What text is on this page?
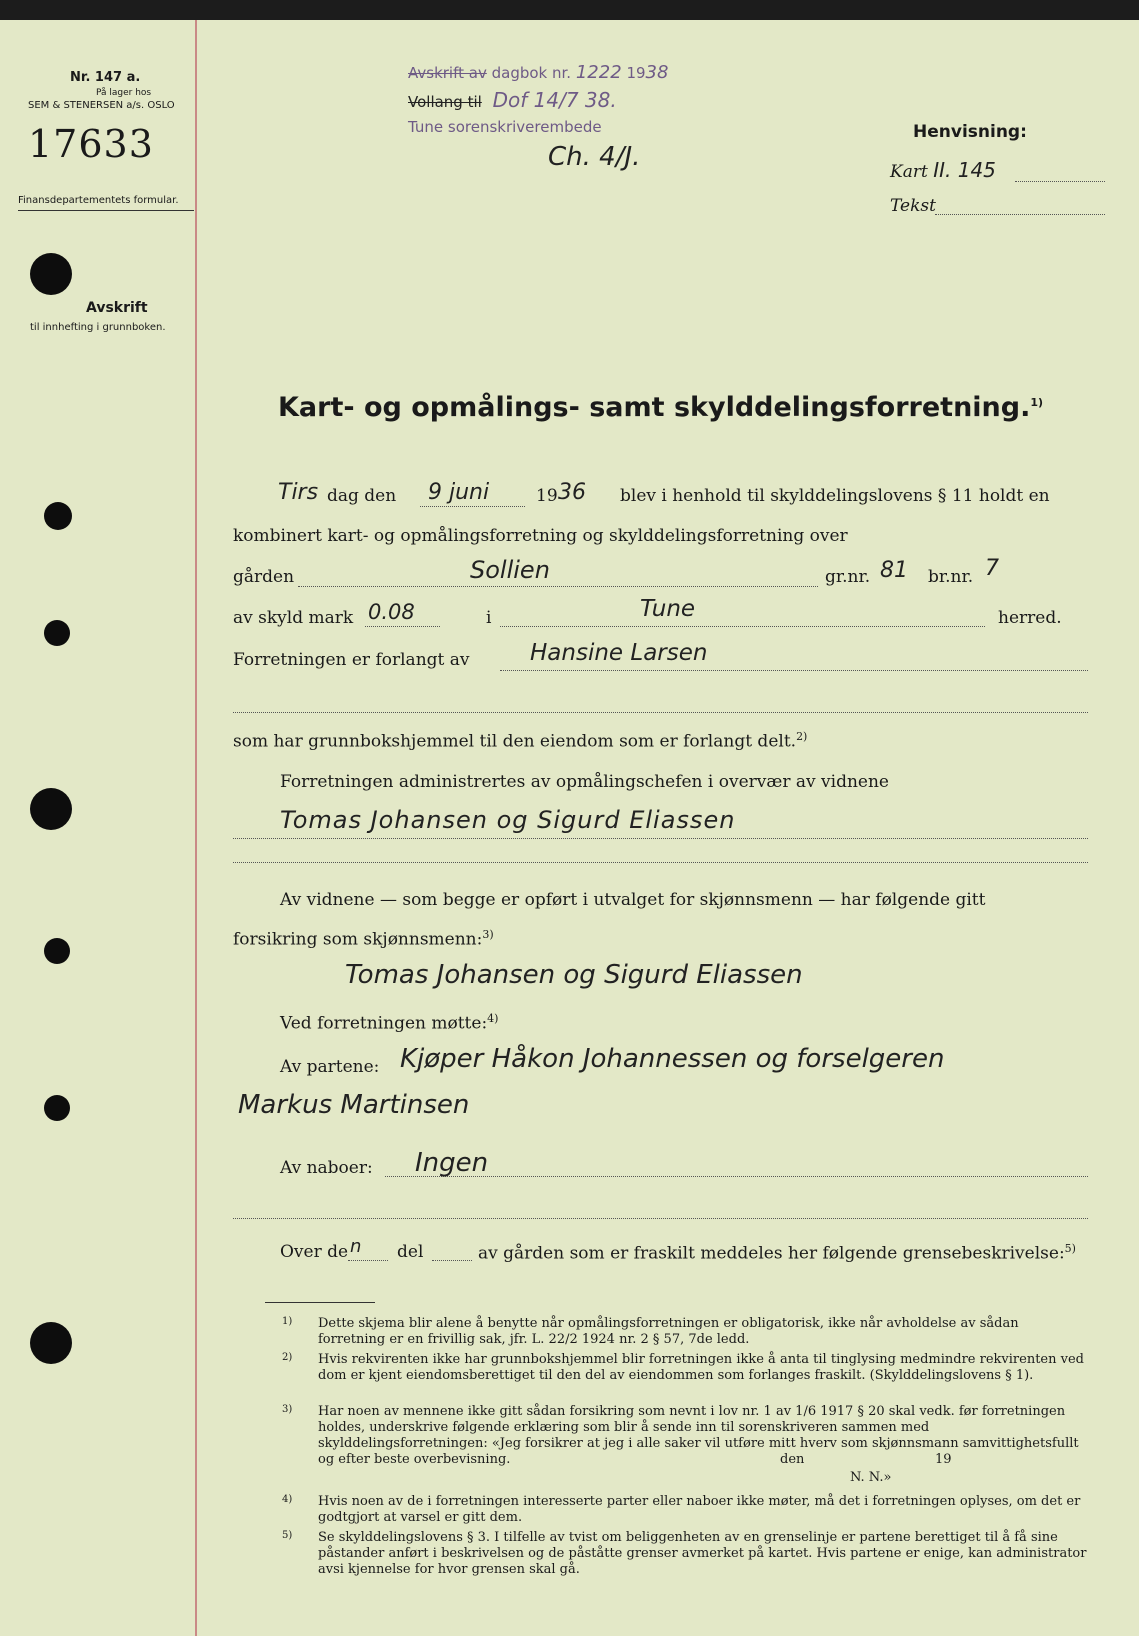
Nr. 147 a.
På lager hos
SEM & STENERSEN a/s. OSLO
17633
Finansdepartementets formular.
Avskrift
til innhefting i grunnboken.
Avskrift av dagbok nr. 1222 1938
Vollang til Dof 14/7 38.
Tune sorenskriverembede
Ch. 4/J.
Henvisning:
Kart II. 145
Tekst
Kart- og opmålings- samt skylddelingsforretning.$^{1)}$
Tirs dag den 9 juni	19 36 blev i henhold til skylddelingslovens § 11 holdt en
kombinert kart- og opmålingsforretning og skylddelingsforretning over
gården	Sollien	gr.nr. 81 br.nr. 7
av skyld mark 0.08	i	Tune	herred.
Forretningen er forlangt av	Hansine Larsen
som har grunnbokshjemmel til den eiendom som er forlangt delt.$^{2)}$
Forretningen administrertes av opmålingschefen i overvær av vidnene
Tomas Johansen og Sigurd Eliassen
Av vidnene — som begge er opført i utvalget for skjønnsmenn — har følgende gitt
forsikring som skjønnsmenn:$^{3)}$
Tomas Johansen og Sigurd Eliassen
Ved forretningen møtte:$^{4)}$
Av partene: Kjøper Håkon Johannessen og forselgeren
Markus Martinsen
Av naboer: Ingen
Over de n del	av gården som er fraskilt meddeles her følgende grensebeskrivelse:$^{5)}$
1) Dette skjema blir alene å benytte når opmålingsforretningen er obligatorisk, ikke når avholdelse av sådan forretning er en frivillig sak, jfr. L. 22/2 1924 nr. 2 § 57, 7de ledd.
2) Hvis rekvirenten ikke har grunnbokshjemmel blir forretningen ikke å anta til tinglysing medmindre rekvirenten ved dom er kjent eiendomsberettiget til den del av eiendommen som forlanges fraskilt. (Skylddelingslovens § 1).
3) Har noen av mennene ikke gitt sådan forsikring som nevnt i lov nr. 1 av 1/6 1917 § 20 skal vedk. før forretningen holdes, underskrive følgende erklæring som blir å sende inn til sorenskriveren sammen med skylddelingsforretningen: «Jeg forsikrer at jeg i alle saker vil utføre mitt hverv som skjønnsmann samvittighetsfullt og efter beste overbevisning.	den	19
N. N.»
4) Hvis noen av de i forretningen interesserte parter eller naboer ikke møter, må det i forretningen oplyses, om det er godtgjort at varsel er gitt dem.
5) Se skylddelingslovens § 3. I tilfelle av tvist om beliggenheten av en grenselinje er partene berettiget til å få sine påstander anført i beskrivelsen og de påståtte grenser avmerket på kartet. Hvis partene er enige, kan administrator avsi kjennelse for hvor grensen skal gå.
